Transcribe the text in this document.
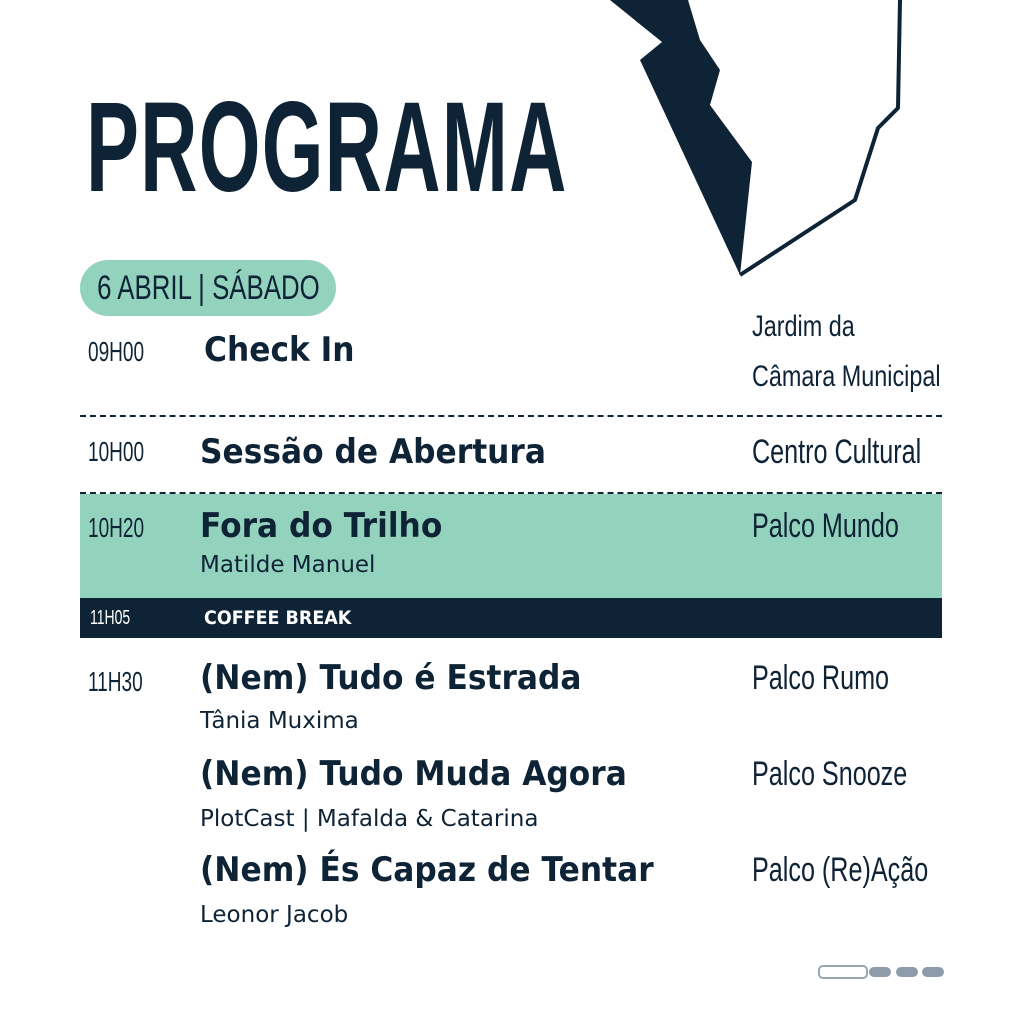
PROGRAMA
6 ABRIL | SÁBADO
09H00 Check In
Jardim da
Câmara Municipal
10H00 Sessão de Abertura	Centro Cultural
10H20 Fora do Trilho
Matilde Manuel
Palco Mundo
11H05	COFFEE BREAK
11H30 (Nem) Tudo é Estrada
Tânia Muxima
Palco Rumo
(Nem) Tudo Muda Agora
PlotCast | Mafalda & Catarina
Palco Snooze
(Nem) És Capaz de Tentar
Leonor Jacob
Palco (Re)Ação
